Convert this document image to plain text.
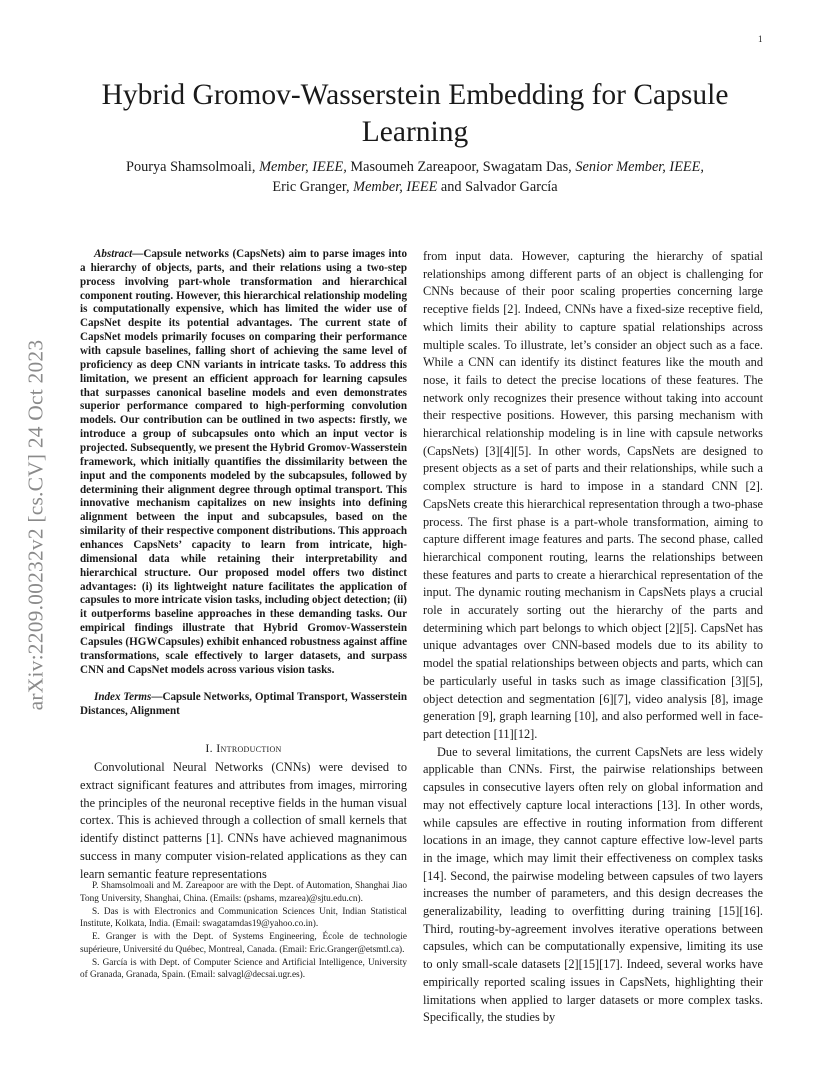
1
arXiv:2209.00232v2 [cs.CV] 24 Oct 2023
Hybrid Gromov-Wasserstein Embedding for Capsule Learning
Pourya Shamsolmoali, Member, IEEE, Masoumeh Zareapoor, Swagatam Das, Senior Member, IEEE,
Eric Granger, Member, IEEE and Salvador García

Abstract—Capsule networks (CapsNets) aim to parse images into a hierarchy of objects, parts, and their relations using a two-step process involving part-whole transformation and hierarchical component routing. However, this hierarchical relationship modeling is computationally expensive, which has limited the wider use of CapsNet despite its potential advantages. The current state of CapsNet models primarily focuses on comparing their performance with capsule baselines, falling short of achieving the same level of proficiency as deep CNN variants in intricate tasks. To address this limitation, we present an efficient approach for learning capsules that surpasses canonical baseline models and even demonstrates superior performance compared to high-performing convolution models. Our contribution can be outlined in two aspects: firstly, we introduce a group of subcapsules onto which an input vector is projected. Subsequently, we present the Hybrid Gromov-Wasserstein framework, which initially quantifies the dissimilarity between the input and the components modeled by the subcapsules, followed by determining their alignment degree through optimal transport. This innovative mechanism capitalizes on new insights into defining alignment between the input and subcapsules, based on the similarity of their respective component distributions. This approach enhances CapsNets’ capacity to learn from intricate, high-dimensional data while retaining their interpretability and hierarchical structure. Our proposed model offers two distinct advantages: (i) its lightweight nature facilitates the application of capsules to more intricate vision tasks, including object detection; (ii) it outperforms baseline approaches in these demanding tasks. Our empirical findings illustrate that Hybrid Gromov-Wasserstein Capsules (HGWCapsules) exhibit enhanced robustness against affine transformations, scale effectively to larger datasets, and surpass CNN and CapsNet models across various vision tasks.

Index Terms—Capsule Networks, Optimal Transport, Wasserstein Distances, Alignment

I. Introduction

Convolutional Neural Networks (CNNs) were devised to extract significant features and attributes from images, mirroring the principles of the neuronal receptive fields in the human visual cortex. This is achieved through a collection of small kernels that identify distinct patterns [1]. CNNs have achieved magnanimous success in many computer vision-related applications as they can learn semantic feature representations

from input data. However, capturing the hierarchy of spatial relationships among different parts of an object is challenging for CNNs because of their poor scaling properties concerning large receptive fields [2]. Indeed, CNNs have a fixed-size receptive field, which limits their ability to capture spatial relationships across multiple scales. To illustrate, let’s consider an object such as a face. While a CNN can identify its distinct features like the mouth and nose, it fails to detect the precise locations of these features. The network only recognizes their presence without taking into account their respective positions. However, this parsing mechanism with hierarchical relationship modeling is in line with capsule networks (CapsNets) [3][4][5]. In other words, CapsNets are designed to present objects as a set of parts and their relationships, while such a complex structure is hard to impose in a standard CNN [2]. CapsNets create this hierarchical representation through a two-phase process. The first phase is a part-whole transformation, aiming to capture different image features and parts. The second phase, called hierarchical component routing, learns the relationships between these features and parts to create a hierarchical representation of the input. The dynamic routing mechanism in CapsNets plays a crucial role in accurately sorting out the hierarchy of the parts and determining which part belongs to which object [2][5]. CapsNet has unique advantages over CNN-based models due to its ability to model the spatial relationships between objects and parts, which can be particularly useful in tasks such as image classification [3][5], object detection and segmentation [6][7], video analysis [8], image generation [9], graph learning [10], and also performed well in face-part detection [11][12].

Due to several limitations, the current CapsNets are less widely applicable than CNNs. First, the pairwise relationships between capsules in consecutive layers often rely on global information and may not effectively capture local interactions [13]. In other words, while capsules are effective in routing information from different locations in an image, they cannot capture effective low-level parts in the image, which may limit their effectiveness on complex tasks [14]. Second, the pairwise modeling between capsules of two layers increases the number of parameters, and this design decreases the generalizability, leading to overfitting during training [15][16]. Third, routing-by-agreement involves iterative operations between capsules, which can be computationally expensive, limiting its use to only small-scale datasets [2][15][17]. Indeed, several works have empirically reported scaling issues in CapsNets, highlighting their limitations when applied to larger datasets or more complex tasks. Specifically, the studies by

P. Shamsolmoali and M. Zareapoor are with the Dept. of Automation, Shanghai Jiao Tong University, Shanghai, China. (Emails: (pshams, mzarea)@sjtu.edu.cn).

S. Das is with Electronics and Communication Sciences Unit, Indian Statistical Institute, Kolkata, India. (Email: swagatamdas19@yahoo.co.in).

E. Granger is with the Dept. of Systems Engineering, École de technologie supérieure, Université du Québec, Montreal, Canada. (Email: Eric.Granger@etsmtl.ca).

S. García is with Dept. of Computer Science and Artificial Intelligence, University of Granada, Granada, Spain. (Email: salvagl@decsai.ugr.es).
